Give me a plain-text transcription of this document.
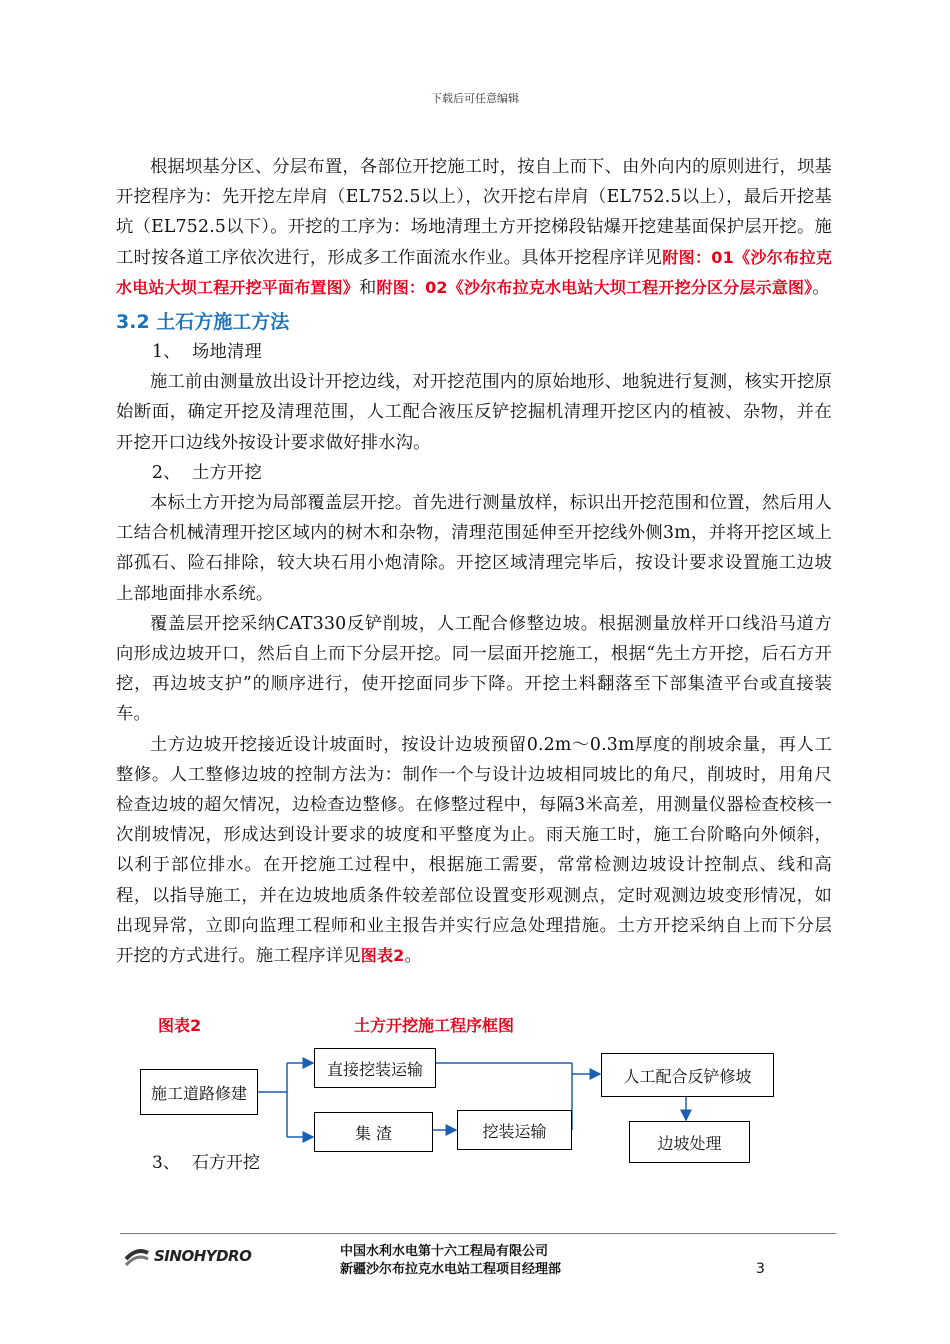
下载后可任意编辑

根据坝基分区、分层布置，各部位开挖施工时，按自上而下、由外向内的原则进行，坝基开挖程序为：先开挖左岸肩（EL752.5以上），次开挖右岸肩（EL752.5以上），最后开挖基坑（EL752.5以下）。开挖的工序为：场地清理土方开挖梯段钻爆开挖建基面保护层开挖。施工时按各道工序依次进行，形成多工作面流水作业。具体开挖程序详见附图：01《沙尔布拉克水电站大坝工程开挖平面布置图》和附图：02《沙尔布拉克水电站大坝工程开挖分区分层示意图》。

3.2 土石方施工方法

1、 场地清理

施工前由测量放出设计开挖边线，对开挖范围内的原始地形、地貌进行复测，核实开挖原始断面，确定开挖及清理范围，人工配合液压反铲挖掘机清理开挖区内的植被、杂物，并在开挖开口边线外按设计要求做好排水沟。

2、 土方开挖

本标土方开挖为局部覆盖层开挖。首先进行测量放样，标识出开挖范围和位置，然后用人工结合机械清理开挖区域内的树木和杂物，清理范围延伸至开挖线外侧3m，并将开挖区域上部孤石、险石排除，较大块石用小炮清除。开挖区域清理完毕后，按设计要求设置施工边坡上部地面排水系统。

覆盖层开挖采纳CAT330反铲削坡，人工配合修整边坡。根据测量放样开口线沿马道方向形成边坡开口，然后自上而下分层开挖。同一层面开挖施工，根据“先土方开挖，后石方开挖，再边坡支护”的顺序进行，使开挖面同步下降。开挖土料翻落至下部集渣平台或直接装车。

土方边坡开挖接近设计坡面时，按设计边坡预留0.2m～0.3m厚度的削坡余量，再人工整修。人工整修边坡的控制方法为：制作一个与设计边坡相同坡比的角尺，削坡时，用角尺检查边坡的超欠情况，边检查边整修。在修整过程中，每隔3米高差，用测量仪器检查校核一次削坡情况，形成达到设计要求的坡度和平整度为止。雨天施工时，施工台阶略向外倾斜，以利于部位排水。在开挖施工过程中，根据施工需要，常常检测边坡设计控制点、线和高程，以指导施工，并在边坡地质条件较差部位设置变形观测点，定时观测边坡变形情况，如出现异常，立即向监理工程师和业主报告并实行应急处理措施。土方开挖采纳自上而下分层开挖的方式进行。施工程序详见图表2。

图表2	土方开挖施工程序框图
施工道路修建
直接挖装运输
集 渣	挖装运输
人工配合反铲修坡
边坡处理
3、 石方开挖
SINOHYDRO	中国水利水电第十六工程局有限公司
新疆沙尔布拉克水电站工程项目经理部	3
